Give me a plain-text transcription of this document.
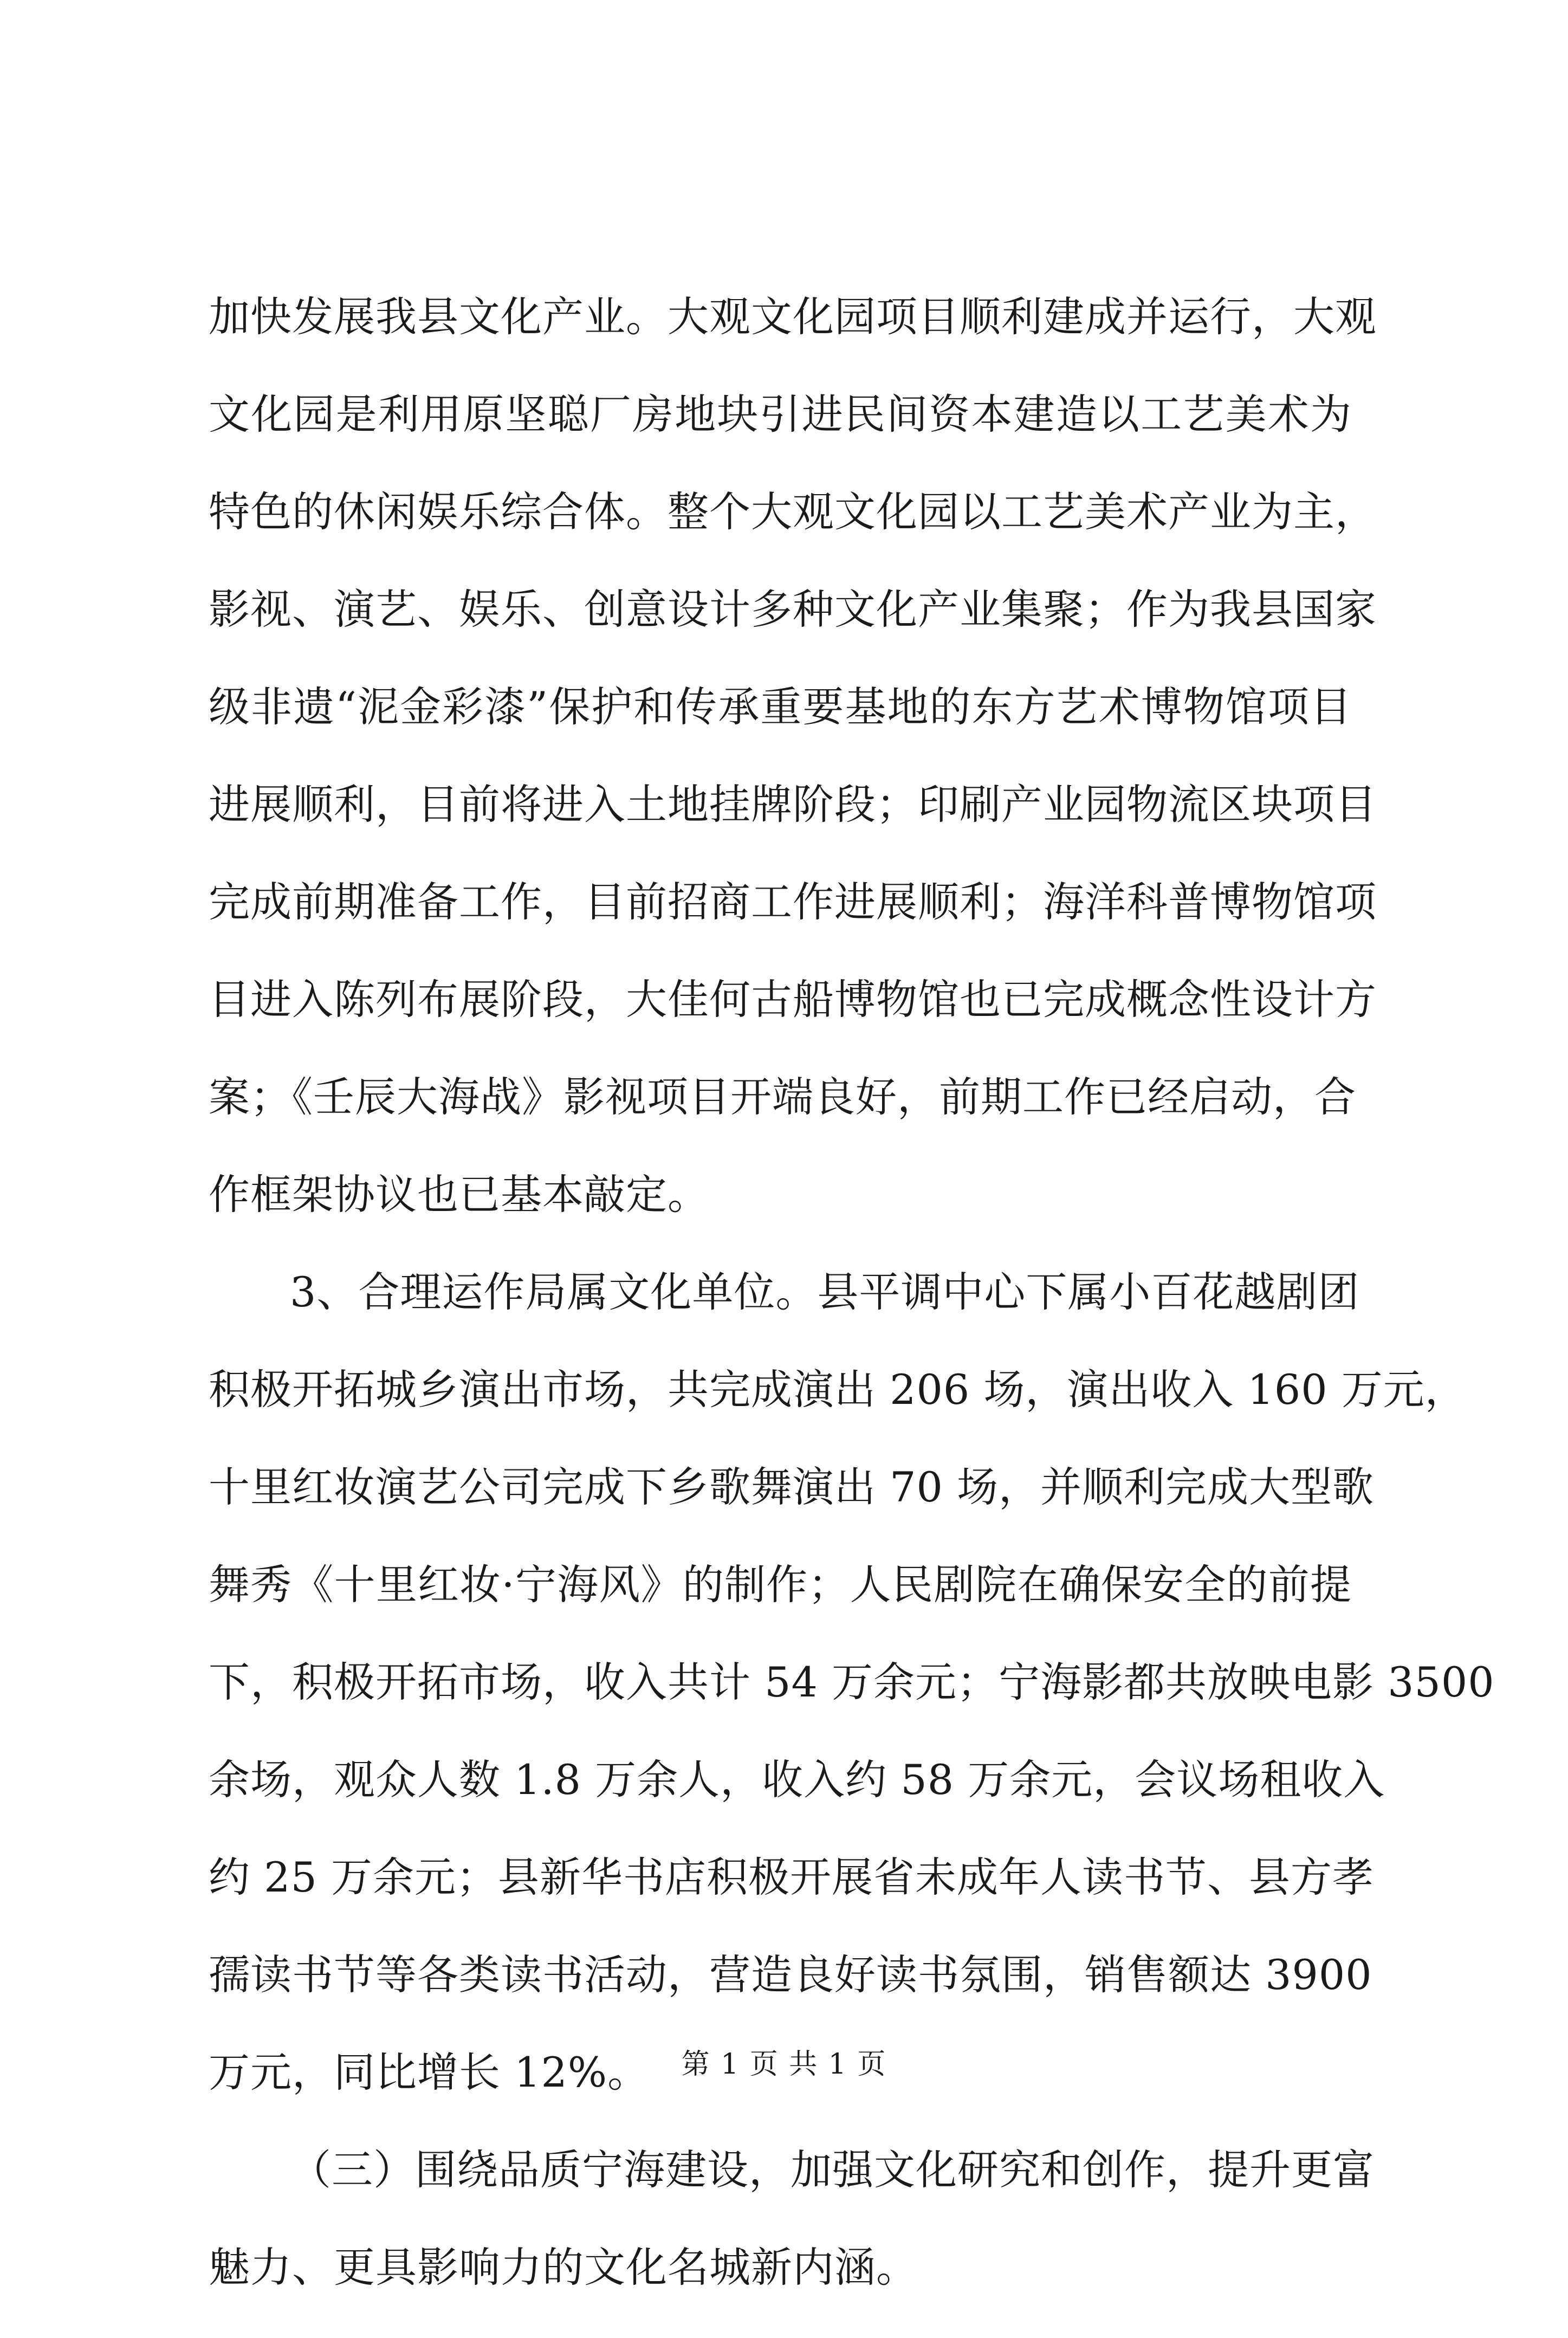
加快发展我县文化产业。大观文化园项目顺利建成并运行，大观
文化园是利用原坚聪厂房地块引进民间资本建造以工艺美术为
特色的休闲娱乐综合体。整个大观文化园以工艺美术产业为主，
影视、演艺、娱乐、创意设计多种文化产业集聚；作为我县国家
级非遗“泥金彩漆”保护和传承重要基地的东方艺术博物馆项目
进展顺利，目前将进入土地挂牌阶段；印刷产业园物流区块项目
完成前期准备工作，目前招商工作进展顺利；海洋科普博物馆项
目进入陈列布展阶段，大佳何古船博物馆也已完成概念性设计方
案；《壬辰大海战》影视项目开端良好，前期工作已经启动，合
作框架协议也已基本敲定。
3、合理运作局属文化单位。县平调中心下属小百花越剧团
积极开拓城乡演出市场，共完成演出 206 场，演出收入 160 万元，
十里红妆演艺公司完成下乡歌舞演出 70 场，并顺利完成大型歌
舞秀《十里红妆·宁海风》的制作；人民剧院在确保安全的前提
下，积极开拓市场，收入共计 54 万余元；宁海影都共放映电影 3500
余场，观众人数 1.8 万余人，收入约 58 万余元，会议场租收入
约 25 万余元；县新华书店积极开展省未成年人读书节、县方孝
孺读书节等各类读书活动，营造良好读书氛围，销售额达 3900
万元，同比增长 12%。
（三）围绕品质宁海建设，加强文化研究和创作，提升更富
魅力、更具影响力的文化名城新内涵。
第 1 页 共 1 页
